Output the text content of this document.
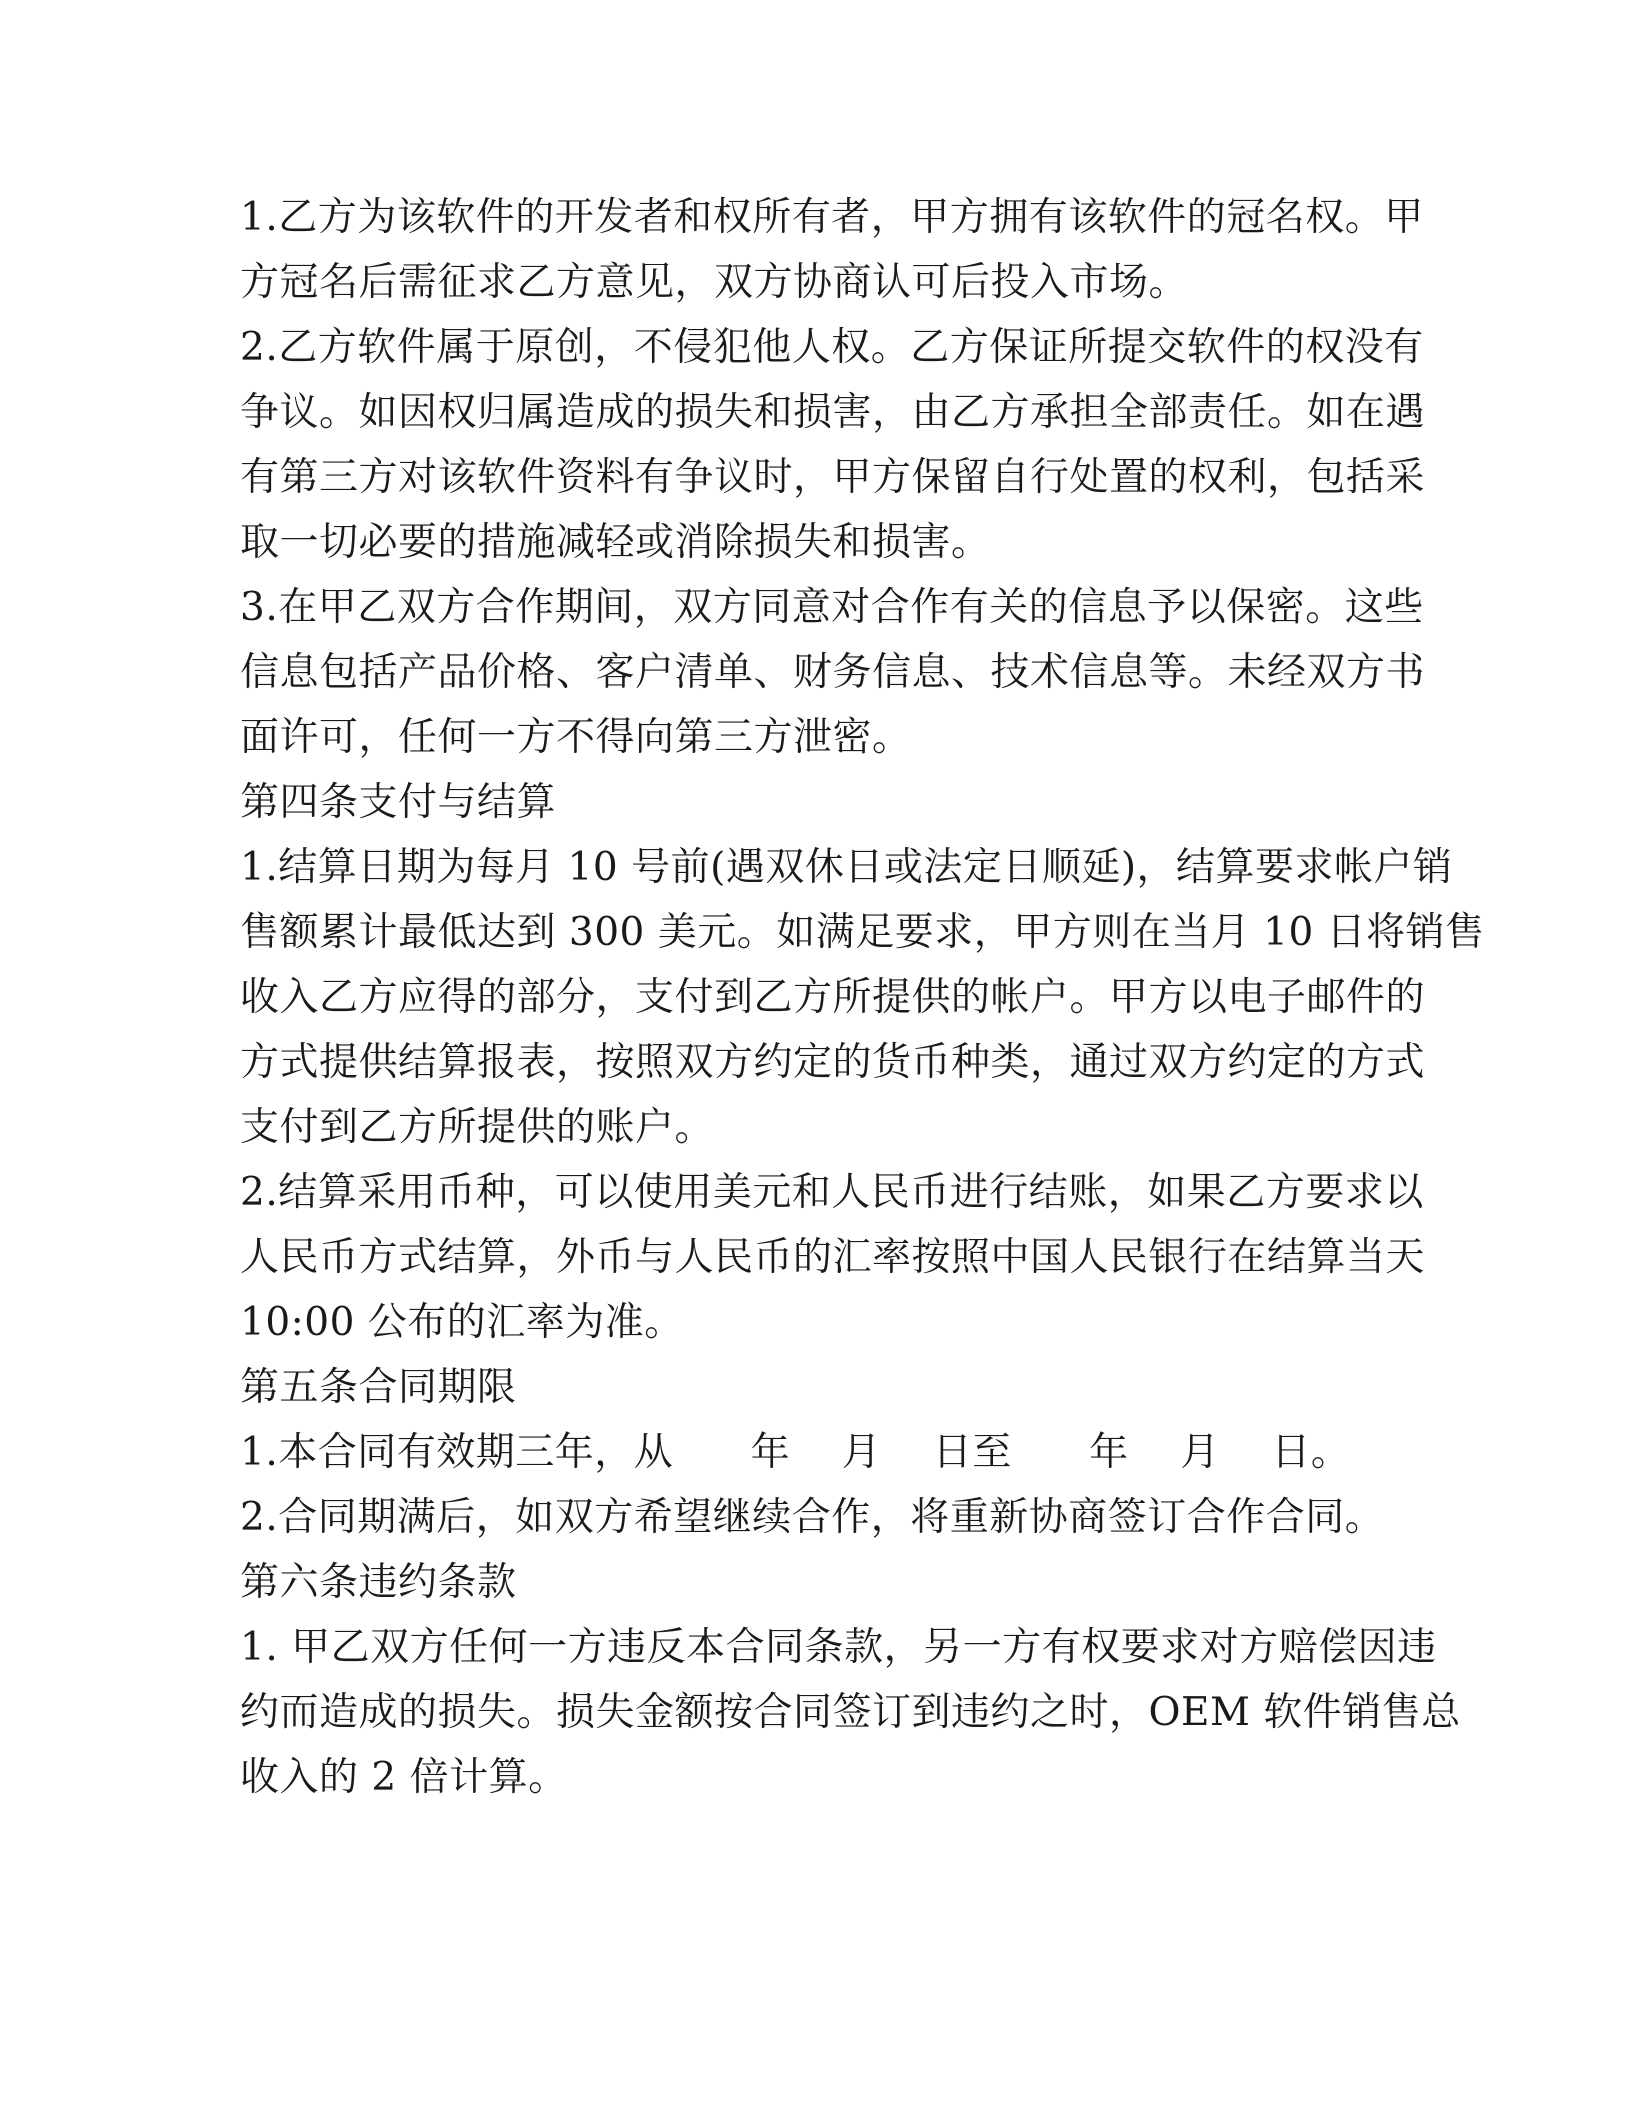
1.乙方为该软件的开发者和权所有者，甲方拥有该软件的冠名权。甲
方冠名后需征求乙方意见，双方协商认可后投入市场。
2.乙方软件属于原创，不侵犯他人权。乙方保证所提交软件的权没有
争议。如因权归属造成的损失和损害，由乙方承担全部责任。如在遇
有第三方对该软件资料有争议时，甲方保留自行处置的权利，包括采
取一切必要的措施减轻或消除损失和损害。
3.在甲乙双方合作期间，双方同意对合作有关的信息予以保密。这些
信息包括产品价格、客户清单、财务信息、技术信息等。未经双方书
面许可，任何一方不得向第三方泄密。
第四条支付与结算
1.结算日期为每月 10 号前(遇双休日或法定日顺延)，结算要求帐户销
售额累计最低达到 300 美元。如满足要求，甲方则在当月 10 日将销售
收入乙方应得的部分，支付到乙方所提供的帐户。甲方以电子邮件的
方式提供结算报表，按照双方约定的货币种类，通过双方约定的方式
支付到乙方所提供的账户。
2.结算采用币种，可以使用美元和人民币进行结账，如果乙方要求以
人民币方式结算，外币与人民币的汇率按照中国人民银行在结算当天
10:00 公布的汇率为准。
第五条合同期限
1.本合同有效期三年，从      年    月    日至      年    月    日。
2.合同期满后，如双方希望继续合作，将重新协商签订合作合同。
第六条违约条款
1. 甲乙双方任何一方违反本合同条款，另一方有权要求对方赔偿因违
约而造成的损失。损失金额按合同签订到违约之时，OEM 软件销售总
收入的 2 倍计算。
